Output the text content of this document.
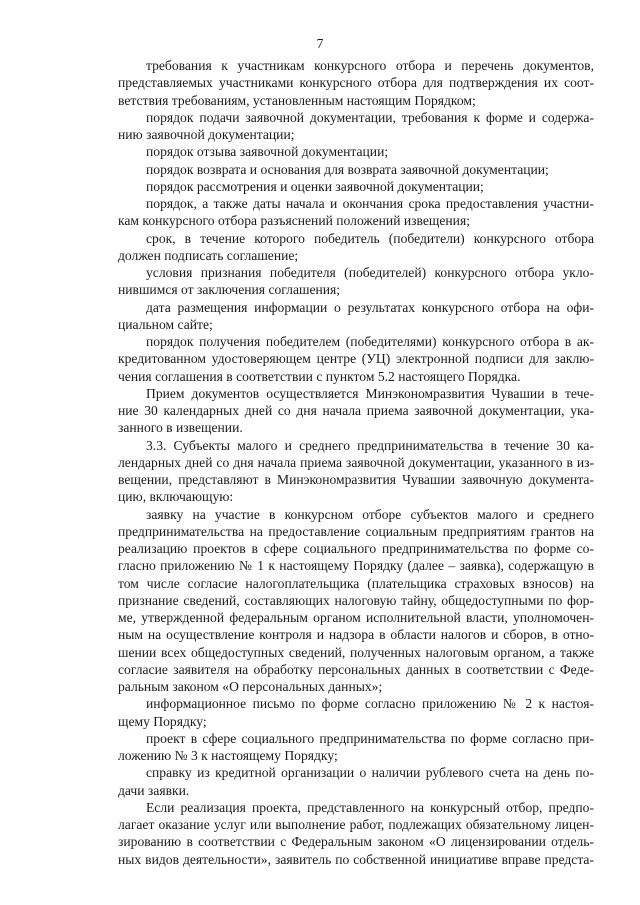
7
требования к участникам конкурсного отбора и перечень документов,
представляемых участниками конкурсного отбора для подтверждения их соот-
ветствия требованиям, установленным настоящим Порядком;
порядок подачи заявочной документации, требования к форме и содержа-
нию заявочной документации;
порядок отзыва заявочной документации;
порядок возврата и основания для возврата заявочной документации;
порядок рассмотрения и оценки заявочной документации;
порядок, а также даты начала и окончания срока предоставления участни-
кам конкурсного отбора разъяснений положений извещения;
срок, в течение которого победитель (победители) конкурсного отбора
должен подписать соглашение;
условия признания победителя (победителей) конкурсного отбора укло-
нившимся от заключения соглашения;
дата размещения информации о результатах конкурсного отбора на офи-
циальном сайте;
порядок получения победителем (победителями) конкурсного отбора в ак-
кредитованном удостоверяющем центре (УЦ) электронной подписи для заклю-
чения соглашения в соответствии с пунктом 5.2 настоящего Порядка.
Прием документов осуществляется Минэкономразвития Чувашии в тече-
ние 30 календарных дней со дня начала приема заявочной документации, ука-
занного в извещении.
3.3. Субъекты малого и среднего предпринимательства в течение 30 ка-
лендарных дней со дня начала приема заявочной документации, указанного в из-
вещении, представляют в Минэкономразвития Чувашии заявочную документа-
цию, включающую:
заявку на участие в конкурсном отборе субъектов малого и среднего
предпринимательства на предоставление социальным предприятиям грантов на
реализацию проектов в сфере социального предпринимательства по форме со-
гласно приложению № 1 к настоящему Порядку (далее – заявка), содержащую в
том числе согласие налогоплательщика (плательщика страховых взносов) на
признание сведений, составляющих налоговую тайну, общедоступными по фор-
ме, утвержденной федеральным органом исполнительной власти, уполномочен-
ным на осуществление контроля и надзора в области налогов и сборов, в отно-
шении всех общедоступных сведений, полученных налоговым органом, а также
согласие заявителя на обработку персональных данных в соответствии с Феде-
ральным законом «О персональных данных»;
информационное письмо по форме согласно приложению № 2 к настоя-
щему Порядку;
проект в сфере социального предпринимательства по форме согласно при-
ложению № 3 к настоящему Порядку;
справку из кредитной организации о наличии рублевого счета на день по-
дачи заявки.
Если реализация проекта, представленного на конкурсный отбор, предпо-
лагает оказание услуг или выполнение работ, подлежащих обязательному лицен-
зированию в соответствии с Федеральным законом «О лицензировании отдель-
ных видов деятельности», заявитель по собственной инициативе вправе предста-
